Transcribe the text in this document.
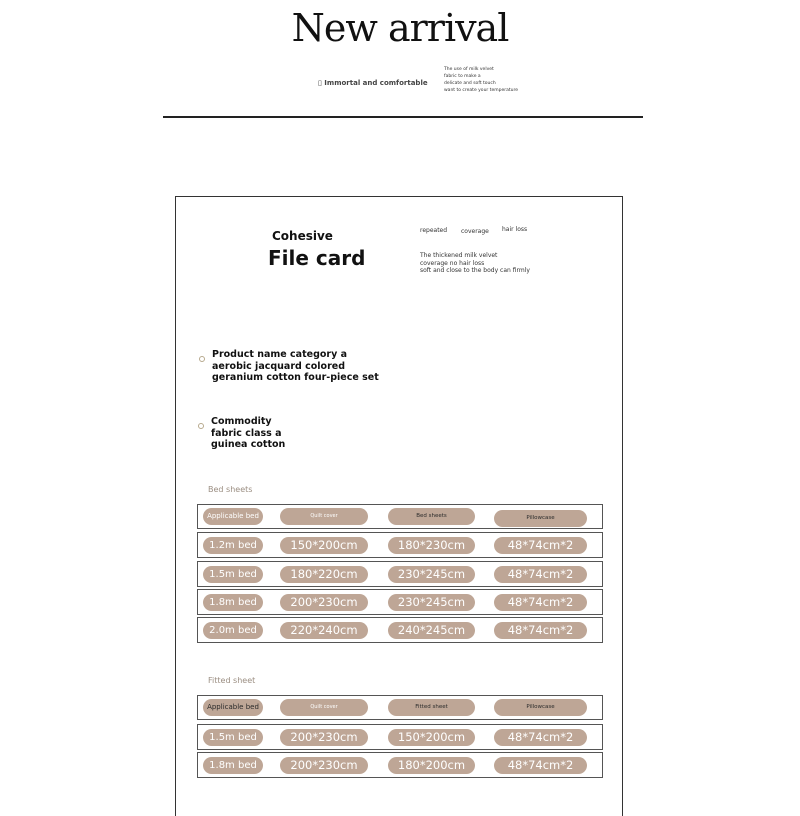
New arrival
▯ Immortal and comfortable
The use of milk velvet
fabric to make a
delicate and soft touch
want to create your temperature
Cohesive
File card
repeated coverage hair loss
The thickened milk velvet
coverage no hair loss
soft and close to the body can firmly
Product name category a
aerobic jacquard colored
geranium cotton four-piece set
Commodity
fabric class a
guinea cotton
Bed sheets
Applicable bed	Quilt cover	Bed sheets	Pillowcase
1.2m bed	150*200cm	180*230cm	48*74cm*2
1.5m bed	180*220cm	230*245cm	48*74cm*2
1.8m bed	200*230cm	230*245cm	48*74cm*2
2.0m bed	220*240cm	240*245cm	48*74cm*2
Fitted sheet
Applicable bed	Quilt cover	Fitted sheet	Pillowcase
1.5m bed	200*230cm	150*200cm	48*74cm*2
1.8m bed	200*230cm	180*200cm	48*74cm*2
